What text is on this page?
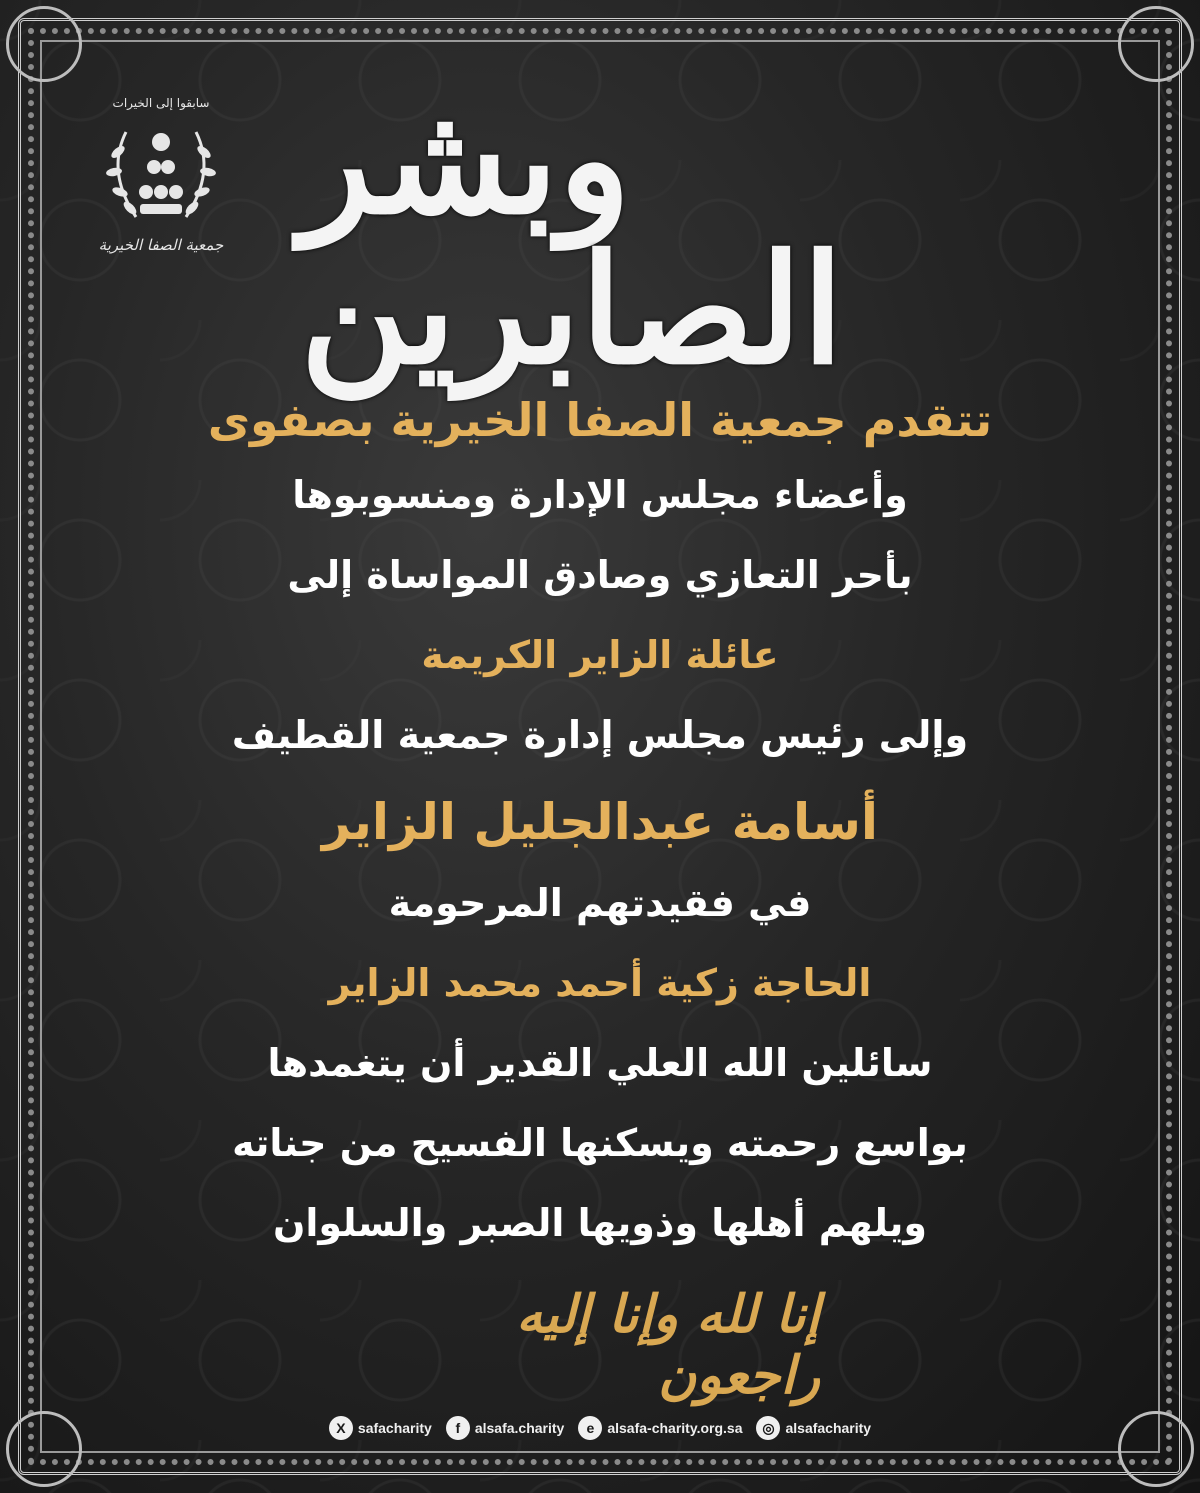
سابقوا إلى الخيرات
جمعية الصفا الخيرية وبشر الصابرين

تتقدم جمعية الصفا الخيرية بصفوى

وأعضاء مجلس الإدارة ومنسوبوها

بأحر التعازي وصادق المواساة إلى

عائلة الزاير الكريمة

وإلى رئيس مجلس إدارة جمعية القطيف

أسامة عبدالجليل الزاير

في فقيدتهم المرحومة

الحاجة زكية أحمد محمد الزاير

سائلين الله العلي القدير أن يتغمدها

بواسع رحمته ويسكنها الفسيح من جناته

ويلهم أهلها وذويها الصبر والسلوان

إنا لله وإنا إليه راجعون
X safacharity	f	alsafa.charity	e alsafa-charity.org.sa	◎ alsafacharity
